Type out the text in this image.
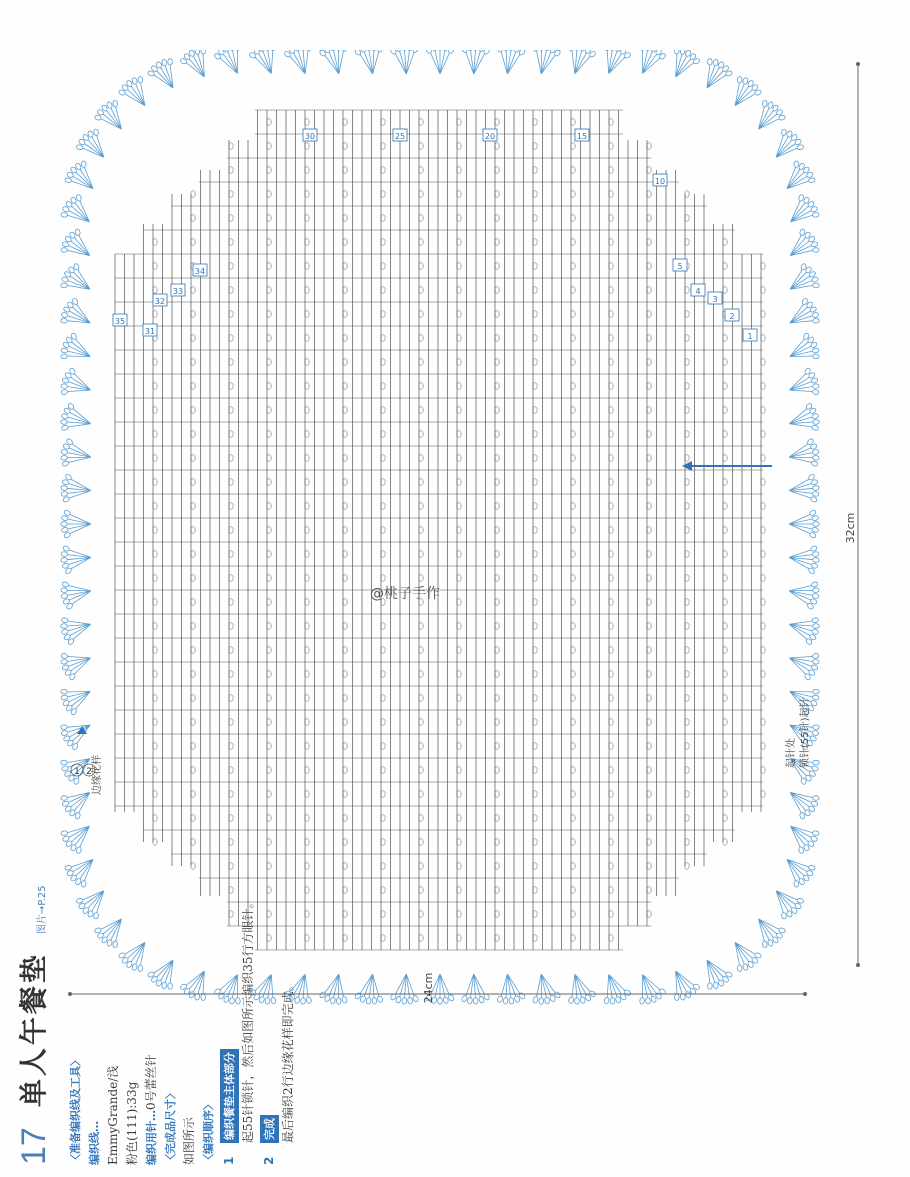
17
单人午餐垫
图片→P.25
〈准备编织线及工具〉 编织线… EmmyGrande/浅 粉色(111):33g 编织用针…0号蕾丝针
〈完成品尺寸〉 如图所示 〈编织顺序〉 1
编织餐垫主体部分 起55针锁针，然后如图所示编织35行方眼针。
2
完成 最后编织2行边缘花样即完成。
32cm
24cm
2
1 边缘花样
起针处 锁针(55针)起针
@桃子手作
35
30	25	20	15
10
5
4
3
2
1
31
32
33
34
